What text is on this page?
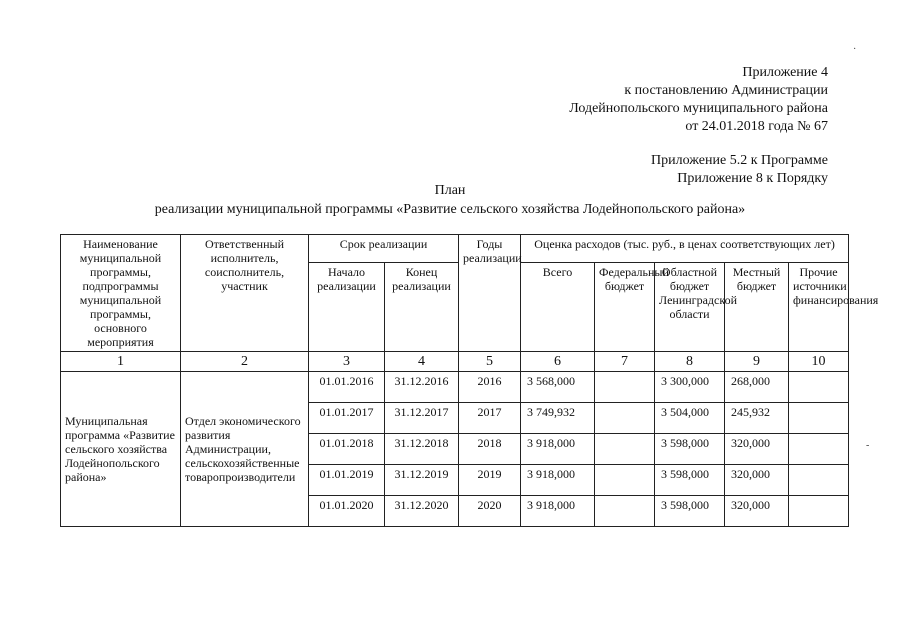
Приложение 4

к постановлению Администрации

Лодейнопольского муниципального района

от 24.01.2018 года № 67

Приложение 5.2 к Программе

Приложение 8 к Порядку

План
реализации муниципальной программы «Развитие сельского хозяйства Лодейнопольского района»
Наименование муниципальной программы, подпрограммы муниципальной программы, основного мероприятия	Ответственный исполнитель, соисполнитель, участник	Срок реализации		Годы реализации	Оценка расходов (тыс. руб., в ценах соответствующих лет)				
		Начало реализации	Конец реализации		Всего	Федеральный бюджет	Областной бюджет Ленинградской области	Местный бюджет	Прочие источники финансирования
1	2	3	4	5	6	7	8	9	10
Муниципальная программа «Развитие сельского хозяйства Лодейнопольского района»	Отдел экономического развития Администрации, сельскохозяйственные товаропроизводители	01.01.2016	31.12.2016	2016	3 568,000		3 300,000	268,000	
		01.01.2017	31.12.2017	2017	3 749,932		3 504,000	245,932	
		01.01.2018	31.12.2018	2018	3 918,000		3 598,000	320,000	
		01.01.2019	31.12.2019	2019	3 918,000		3 598,000	320,000	
		01.01.2020	31.12.2020	2020	3 918,000		3 598,000	320,000	
·
-
